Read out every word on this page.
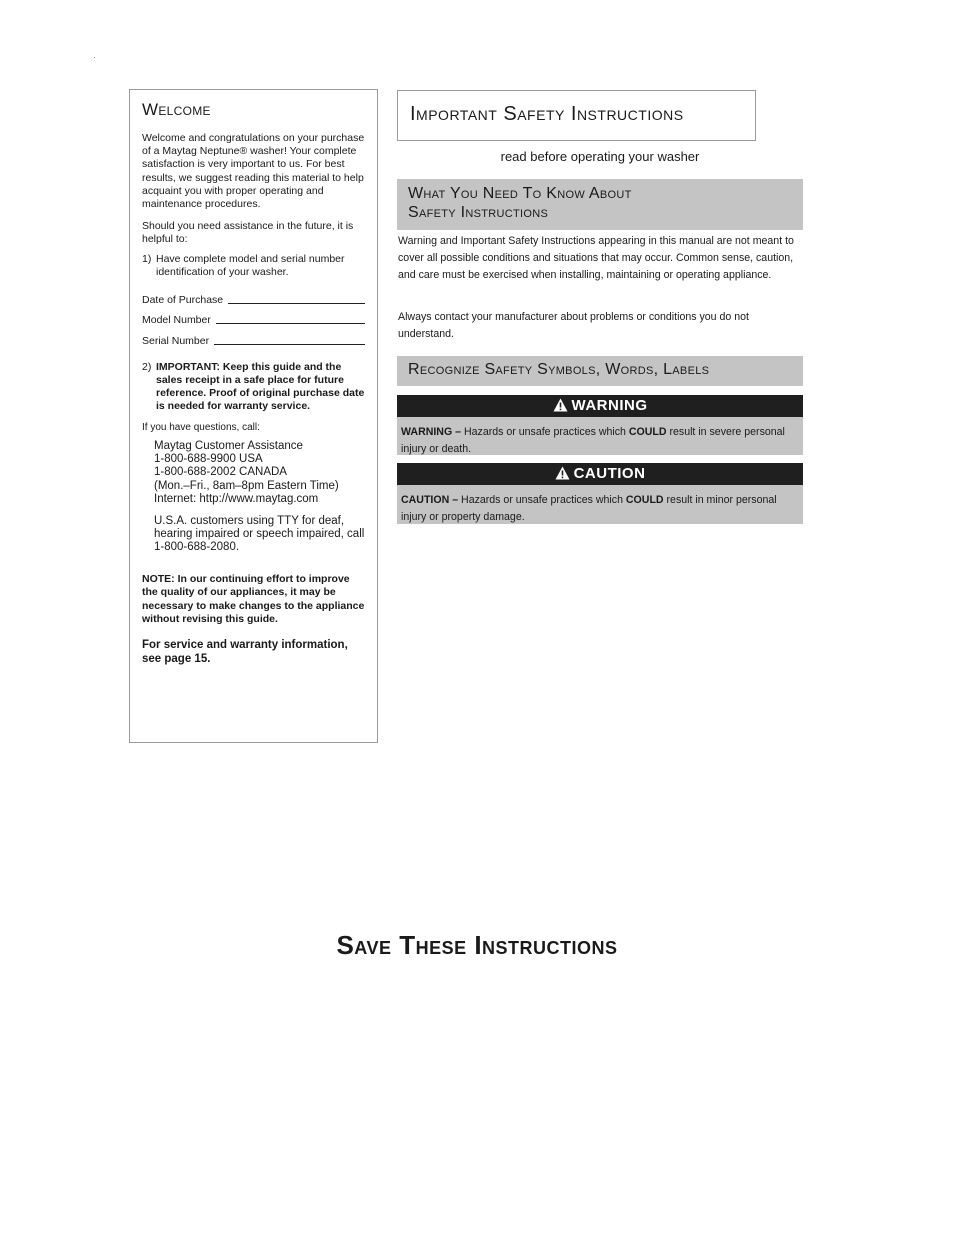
Welcome

Welcome and congratulations on your purchase of a Maytag Neptune® washer! Your complete satisfaction is very important to us. For best results, we suggest reading this material to help acquaint you with proper operating and maintenance procedures.

Should you need assistance in the future, it is helpful to:

1) Have complete model and serial number identification of your washer.
Date of Purchase
Model Number
Serial Number
2) IMPORTANT: Keep this guide and the sales receipt in a safe place for future reference. Proof of original purchase date is needed for warranty service.

If you have questions, call:

Maytag Customer Assistance
1-800-688-9900 USA
1-800-688-2002 CANADA
(Mon.–Fri., 8am–8pm Eastern Time)
Internet: http://www.maytag.com
U.S.A. customers using TTY for deaf, hearing impaired or speech impaired, call 1-800-688-2080.

NOTE: In our continuing effort to improve the quality of our appliances, it may be necessary to make changes to the appliance without revising this guide.

For service and warranty information, see page 15.

Important Safety Instructions
read before operating your washer
What You Need To Know About
Safety Instructions

Warning and Important Safety Instructions appearing in this manual are not meant to cover all possible conditions and situations that may occur. Common sense, caution, and care must be exercised when installing, maintaining or operating appliance.

Always contact your manufacturer about problems or conditions you do not understand.

Recognize Safety Symbols, Words, Labels
WARNING
WARNING – Hazards or unsafe practices which COULD result in severe personal injury or death.
CAUTION
CAUTION – Hazards or unsafe practices which COULD result in minor personal injury or property damage.
Save These Instructions
